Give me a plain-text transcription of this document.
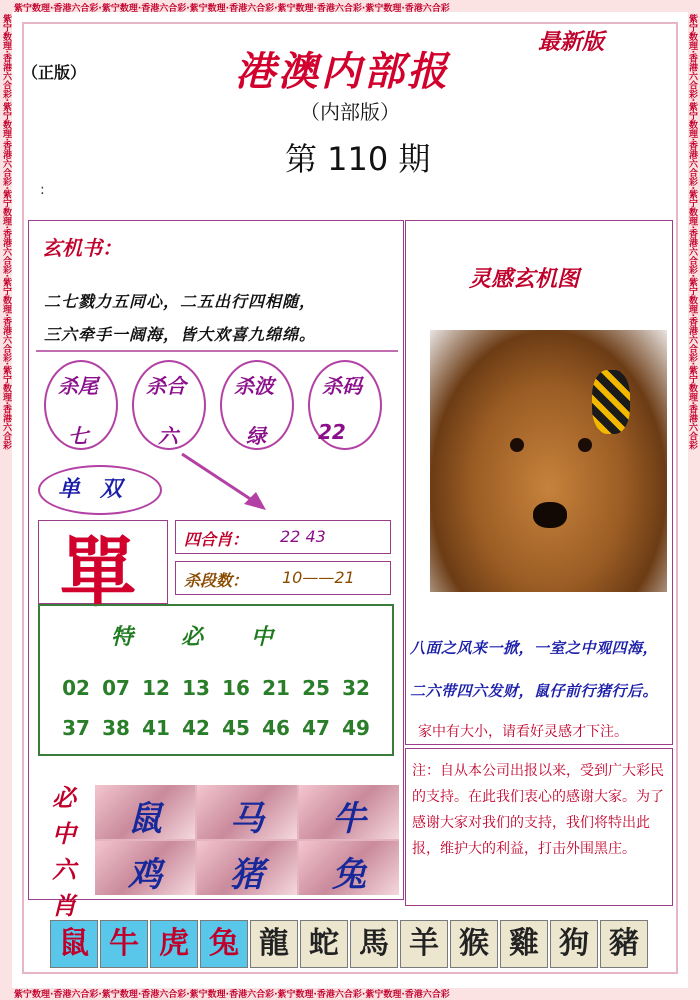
紫宁数理·香港六合彩·紫宁数理·香港六合彩·紫宁数理·香港六合彩·紫宁数理·香港六合彩·紫宁数理·香港六合彩
紫宁数理·香港六合彩·紫宁数理·香港六合彩·紫宁数理·香港六合彩·紫宁数理·香港六合彩·紫宁数理·香港六合彩
紫宁数理·香港六合彩·紫宁数理·香港六合彩·紫宁数理·香港六合彩·紫宁数理·香港六合彩·紫宁数理·香港六合彩	紫宁数理·香港六合彩·紫宁数理·香港六合彩·紫宁数理·香港六合彩·紫宁数理·香港六合彩·紫宁数理·香港六合彩
（正版）
最新版
港澳内部报
（内部版）
第 110 期
:
玄机书：
二七戮力五同心，二五出行四相随，
三六牵手一阔海，皆大欢喜九绵绵。
杀尾
七
杀合
六
杀波
绿
杀码
22
单双
單	四合肖： 22 43
杀段数： 10——21
特必中
02 07 12 13 16 21 25 32
37 38 41 42 45 46 47 49
必中六肖
鼠	马	牛
鸡	猪	兔
灵感玄机图
八面之风来一掀，一室之中观四海，
二六带四六发财，鼠仔前行猪行后。
家中有大小，请看好灵感才下注。
注：自从本公司出报以来，受到广大彩民的支持。在此我们衷心的感谢大家。为了感谢大家对我们的支持，我们将特出此报，维护大的利益，打击外围黑庄。
鼠 牛 虎 兔 龍 蛇 馬 羊 猴 雞 狗 豬
